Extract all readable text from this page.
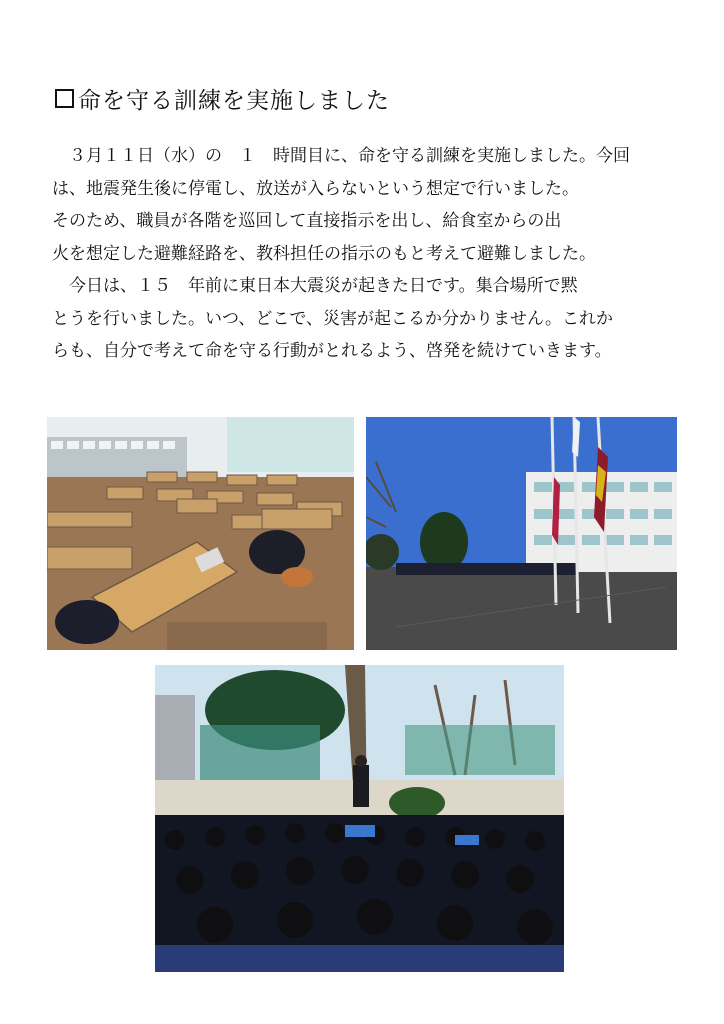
命を守る訓練を実施しました

　３月１１日（水）の　１　時間目に、命を守る訓練を実施しました。今回
は、地震発生後に停電し、放送が入らないという想定で行いました。
そのため、職員が各階を巡回して直接指示を出し、給食室からの出
火を想定した避難経路を、教科担任の指示のもと考えて避難しました。

　今日は、１５　年前に東日本大震災が起きた日です。集合場所で黙
とうを行いました。いつ、どこで、災害が起こるか分かりません。これか
らも、自分で考えて命を守る行動がとれるよう、啓発を続けていきます。
